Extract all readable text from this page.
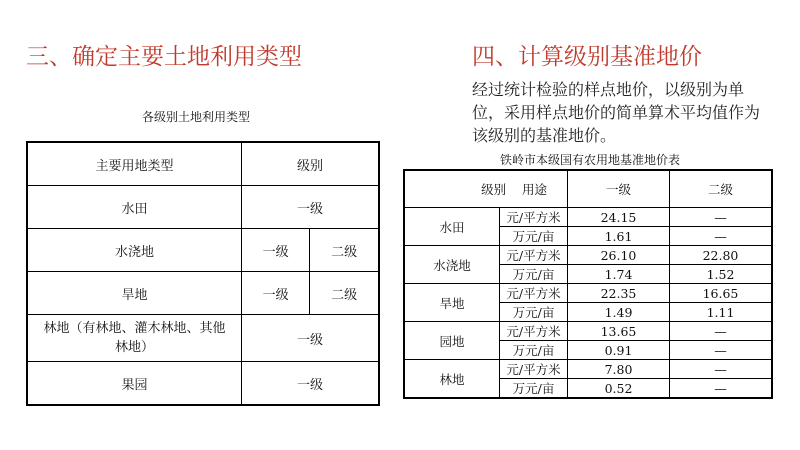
三、确定主要土地利用类型
各级别土地利用类型
主要用地类型	级别	
水田	一级	
水浇地	一级	二级
旱地	一级	二级
林地（有林地、灌木林地、其他林地）	一级	
果园	一级	
四、计算级别基准地价
经过统计检验的样点地价，以级别为单位，采用样点地价的简单算术平均值作为该级别的基准地价。
铁岭市本级国有农用地基准地价表
级别 用途		一级	二级
水田	元/平方米	24.15	—
	万元/亩	1.61	—
水浇地	元/平方米	26.10	22.80
	万元/亩	1.74	1.52
旱地	元/平方米	22.35	16.65
	万元/亩	1.49	1.11
园地	元/平方米	13.65	—
	万元/亩	0.91	—
林地	元/平方米	7.80	—
	万元/亩	0.52	—
